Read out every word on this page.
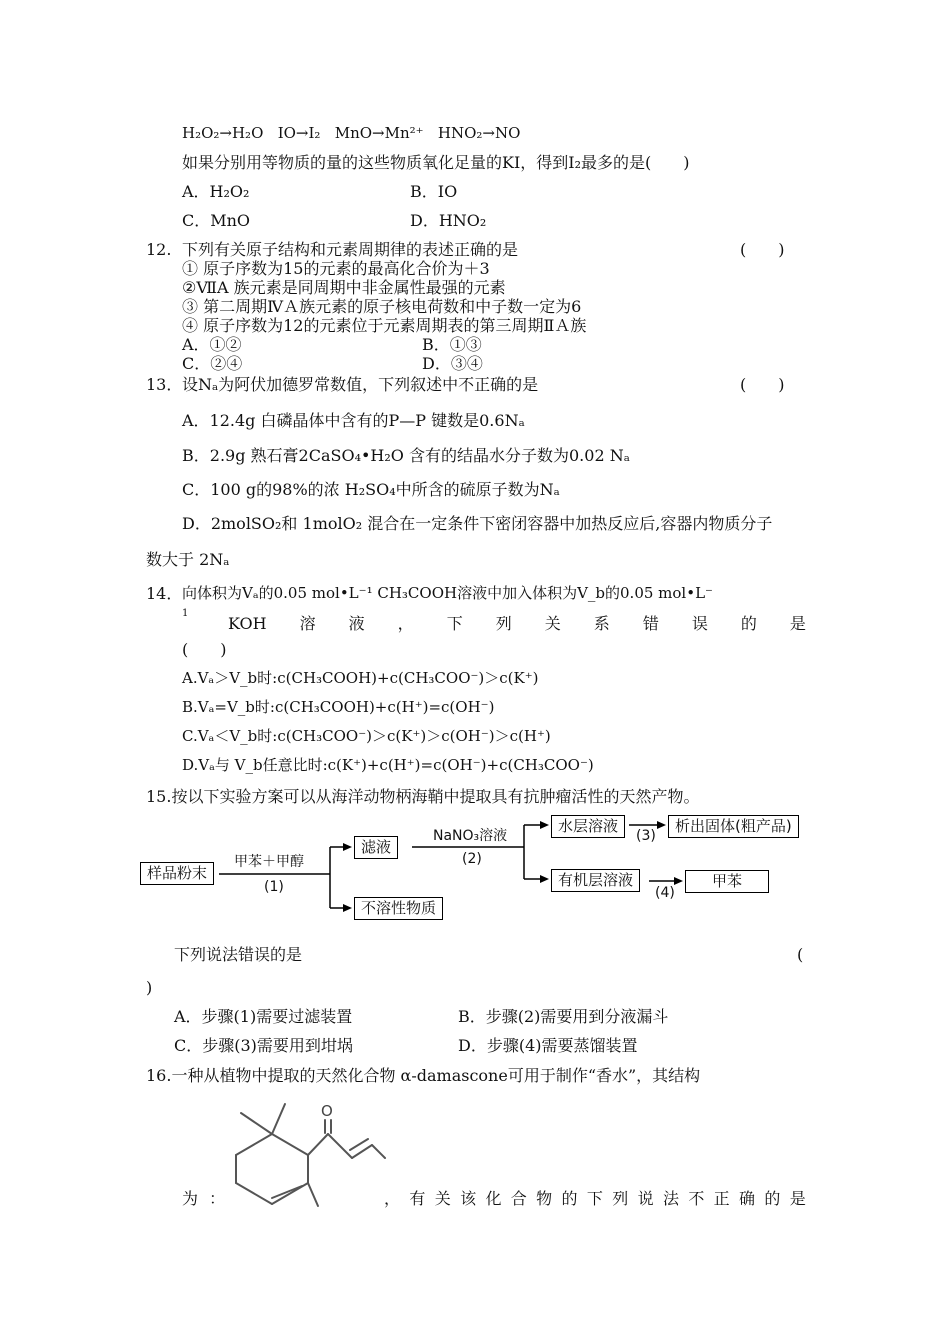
H₂O₂→H₂O IO→I₂ MnO→Mn²⁺ HNO₂→NO
如果分别用等物质的量的这些物质氧化足量的KI，得到I₂最多的是(　　)
A．H₂O₂	B．IO
C．MnO	D．HNO₂
12. 下列有关原子结构和元素周期律的表述正确的是	(　　)
① 原子序数为15的元素的最高化合价为＋3
②ⅦA 族元素是同周期中非金属性最强的元素
③ 第二周期ⅣＡ族元素的原子核电荷数和中子数一定为6
④ 原子序数为12的元素位于元素周期表的第三周期ⅡＡ族
A．①②	B．①③
C．②④	D．③④
13． 设Nₐ为阿伏加德罗常数值，下列叙述中不正确的是	(　　)
A．12.4g 白磷晶体中含有的P—P 键数是0.6Nₐ
B．2.9g 熟石膏2CaSO₄•H₂O 含有的结晶水分子数为0.02 Nₐ
C．100 g的98%的浓 H₂SO₄中所含的硫原子数为Nₐ
D．2molSO₂和 1molO₂ 混合在一定条件下密闭容器中加热反应后,容器内物质分子
数大于 2Nₐ
14． 向体积为Vₐ的0.05 mol•L⁻¹ CH₃COOH溶液中加入体积为V_b的0.05 mol•L⁻
1
KOH 溶 液 ， 下 列 关 系 错 误 的 是
(　　)
A.Vₐ＞V_b时:c(CH₃COOH)+c(CH₃COO⁻)＞c(K⁺)
B.Vₐ=V_b时:c(CH₃COOH)+c(H⁺)=c(OH⁻)
C.Vₐ＜V_b时:c(CH₃COO⁻)＞c(K⁺)＞c(OH⁻)＞c(H⁺)
D.Vₐ与 V_b任意比时:c(K⁺)+c(H⁺)=c(OH⁻)+c(CH₃COO⁻)
15.按以下实验方案可以从海洋动物柄海鞘中提取具有抗肿瘤活性的天然产物。
样品粉末
甲苯＋甲醇
(1)
滤液
不溶性物质
NaNO₃溶液
(2)
水层溶液
有机层溶液
(3)
析出固体(粗产品)
(4)
甲苯
下列说法错误的是	(
)
A．步骤(1)需要过滤装置	B．步骤(2)需要用到分液漏斗
C．步骤(3)需要用到坩埚	D．步骤(4)需要蒸馏装置
16.一种从植物中提取的天然化合物 α-damascone可用于制作“香水”，其结构
O
为 ：	， 有 关 该 化 合 物 的 下 列 说 法 不 正 确 的 是
